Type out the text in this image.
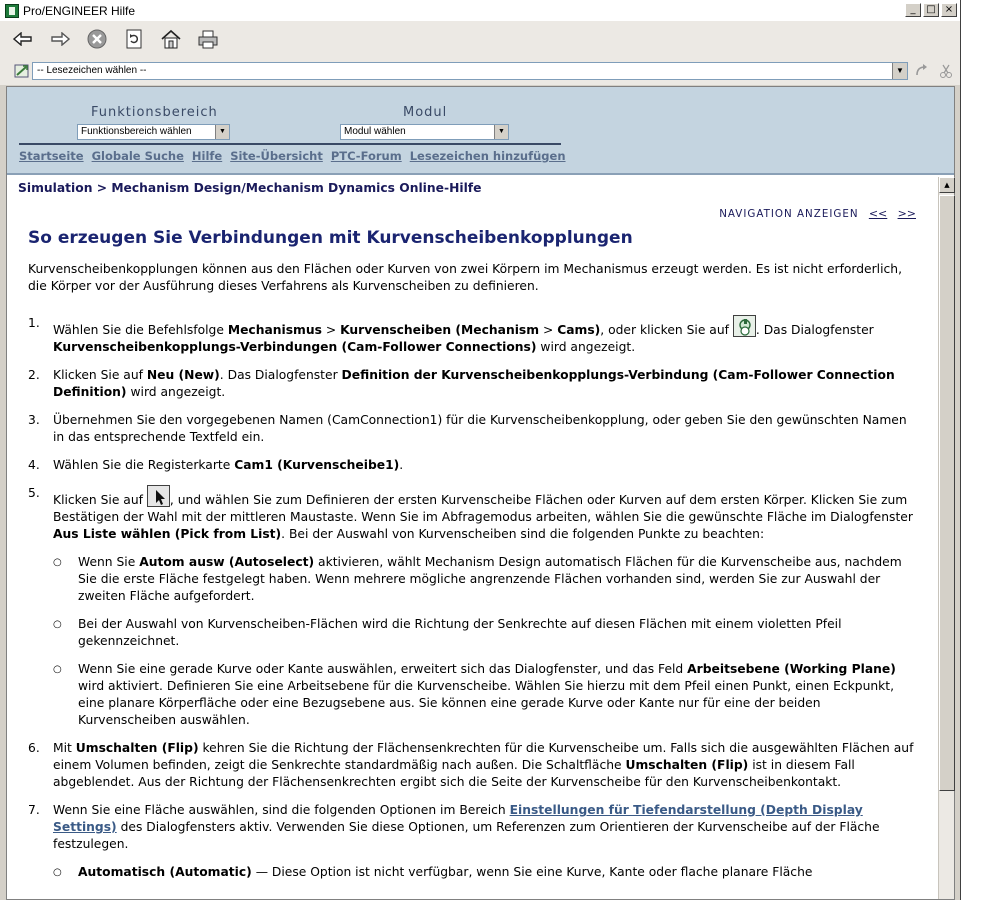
Pro/ENGINEER Hilfe	_	□ ×
-- Lesezeichen wählen --	▼
Funktionsbereich
Funktionsbereich wählen	▼
Modul
Modul wählen	▼
Startseite Globale Suche Hilfe Site-Übersicht PTC-Forum Lesezeichen hinzufügen
Simulation > Mechanism Design/Mechanism Dynamics Online-Hilfe
NAVIGATION ANZEIGEN << >>
So erzeugen Sie Verbindungen mit Kurvenscheibenkopplungen

Kurvenscheibenkopplungen können aus den Flächen oder Kurven von zwei Körpern im Mechanismus erzeugt werden. Es ist nicht erforderlich, die Körper vor der Ausführung dieses Verfahrens als Kurvenscheiben zu definieren.

1.	Wählen Sie die Befehlsfolge Mechanismus > Kurvenscheiben (Mechanism > Cams), oder klicken Sie auf . Das Dialogfenster Kurvenscheibenkopplungs-Verbindungen (Cam-Follower Connections) wird angezeigt.
2.	Klicken Sie auf Neu (New). Das Dialogfenster Definition der Kurvenscheibenkopplungs-Verbindung (Cam-Follower Connection Definition) wird angezeigt.
3.	Übernehmen Sie den vorgegebenen Namen (CamConnection1) für die Kurvenscheibenkopplung, oder geben Sie den gewünschten Namen in das entsprechende Textfeld ein.
4.	Wählen Sie die Registerkarte Cam1 (Kurvenscheibe1).
5.	Klicken Sie auf , und wählen Sie zum Definieren der ersten Kurvenscheibe Flächen oder Kurven auf dem ersten Körper. Klicken Sie zum Bestätigen der Wahl mit der mittleren Maustaste. Wenn Sie im Abfragemodus arbeiten, wählen Sie die gewünschte Fläche im Dialogfenster Aus Liste wählen (Pick from List). Bei der Auswahl von Kurvenscheiben sind die folgenden Punkte zu beachten:
○	Wenn Sie Autom ausw (Autoselect) aktivieren, wählt Mechanism Design automatisch Flächen für die Kurvenscheibe aus, nachdem Sie die erste Fläche festgelegt haben. Wenn mehrere mögliche angrenzende Flächen vorhanden sind, werden Sie zur Auswahl der zweiten Fläche aufgefordert.
○	Bei der Auswahl von Kurvenscheiben-Flächen wird die Richtung der Senkrechte auf diesen Flächen mit einem violetten Pfeil gekennzeichnet.
○	Wenn Sie eine gerade Kurve oder Kante auswählen, erweitert sich das Dialogfenster, und das Feld Arbeitsebene (Working Plane) wird aktiviert. Definieren Sie eine Arbeitsebene für die Kurvenscheibe. Wählen Sie hierzu mit dem Pfeil einen Punkt, einen Eckpunkt, eine planare Körperfläche oder eine Bezugsebene aus. Sie können eine gerade Kurve oder Kante nur für eine der beiden Kurvenscheiben auswählen.
6.	Mit Umschalten (Flip) kehren Sie die Richtung der Flächensenkrechten für die Kurvenscheibe um. Falls sich die ausgewählten Flächen auf einem Volumen befinden, zeigt die Senkrechte standardmäßig nach außen. Die Schaltfläche Umschalten (Flip) ist in diesem Fall abgeblendet. Aus der Richtung der Flächensenkrechten ergibt sich die Seite der Kurvenscheibe für den Kurvenscheibenkontakt.
7.	Wenn Sie eine Fläche auswählen, sind die folgenden Optionen im Bereich Einstellungen für Tiefendarstellung (Depth Display Settings) des Dialogfensters aktiv. Verwenden Sie diese Optionen, um Referenzen zum Orientieren der Kurvenscheibe auf der Fläche festzulegen.
○	Automatisch (Automatic) — Diese Option ist nicht verfügbar, wenn Sie eine Kurve, Kante oder flache planare Fläche
▲
